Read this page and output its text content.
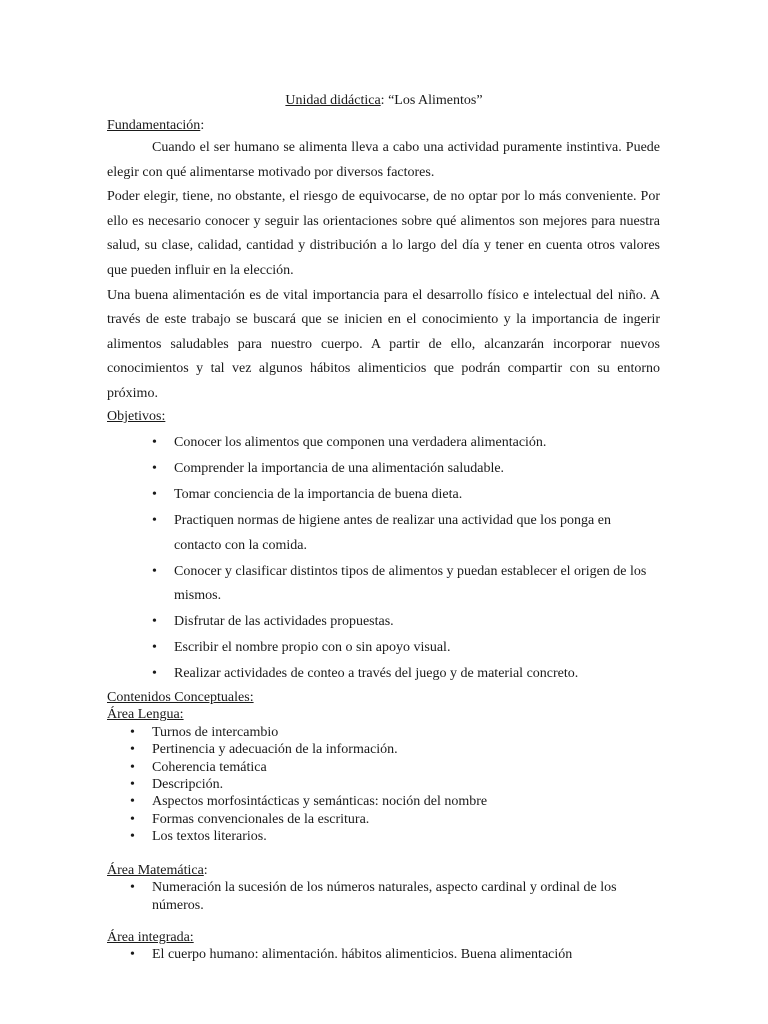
Unidad didáctica: “Los Alimentos”
Fundamentación:

Cuando el ser humano se alimenta lleva a cabo una actividad puramente instintiva. Puede elegir con qué alimentarse motivado por diversos factores.

Poder elegir, tiene, no obstante, el riesgo de equivocarse, de no optar por lo más conveniente. Por ello es necesario conocer y seguir las orientaciones sobre qué alimentos son mejores para nuestra salud, su clase, calidad, cantidad y distribución a lo largo del día y tener en cuenta otros valores que pueden influir en la elección.

Una buena alimentación es de vital importancia para el desarrollo físico e intelectual del niño. A través de este trabajo se buscará que se inicien en el conocimiento y la importancia de ingerir alimentos saludables para nuestro cuerpo. A partir de ello, alcanzarán incorporar nuevos conocimientos y tal vez algunos hábitos alimenticios que podrán compartir con su entorno próximo.

Objetivos:
• Conocer los alimentos que componen una verdadera alimentación.
• Comprender la importancia de una alimentación saludable.
• Tomar conciencia de la importancia de buena dieta.
• Practiquen normas de higiene antes de realizar una actividad que los ponga en contacto con la comida.
• Conocer y clasificar distintos tipos de alimentos y puedan establecer el origen de los mismos.
• Disfrutar de las actividades propuestas.
• Escribir el nombre propio con o sin apoyo visual.
• Realizar actividades de conteo a través del juego y de material concreto.
Contenidos Conceptuales:
Área Lengua:
• Turnos de intercambio
• Pertinencia y adecuación de la información.
• Coherencia temática
• Descripción.
• Aspectos morfosintácticas y semánticas: noción del nombre
• Formas convencionales de la escritura.
• Los textos literarios.
Área Matemática:
• Numeración la sucesión de los números naturales, aspecto cardinal y ordinal de los números.
Área integrada:
• El cuerpo humano: alimentación. hábitos alimenticios. Buena alimentación
